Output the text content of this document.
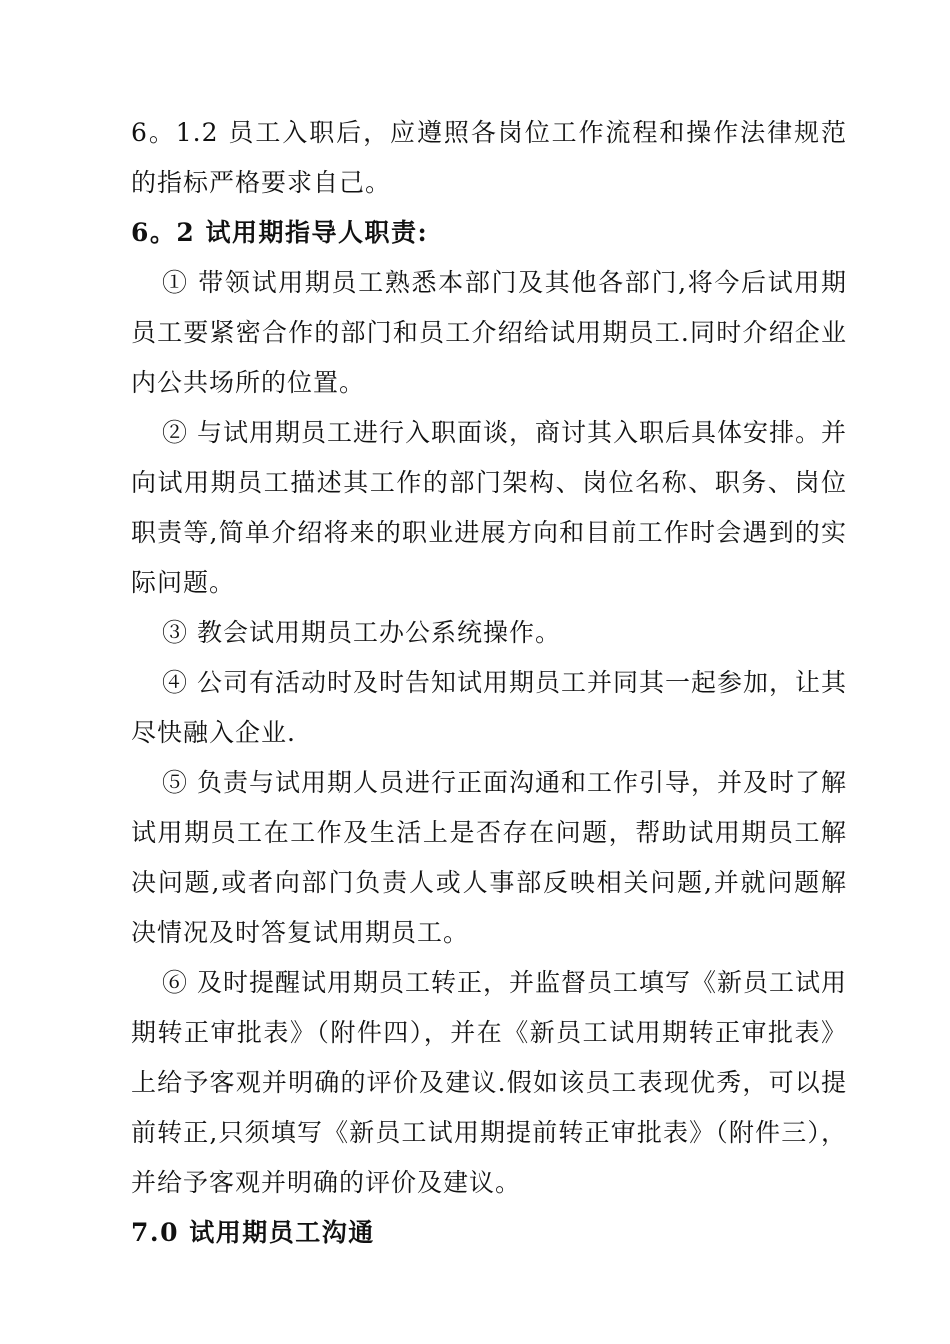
6。1.2 员工入职后，应遵照各岗位工作流程和操作法律规范的指标严格要求自己。

6。2 试用期指导人职责:

① 带领试用期员工熟悉本部门及其他各部门,将今后试用期员工要紧密合作的部门和员工介绍给试用期员工.同时介绍企业内公共场所的位置。

② 与试用期员工进行入职面谈，商讨其入职后具体安排。并向试用期员工描述其工作的部门架构、岗位名称、职务、岗位职责等,简单介绍将来的职业进展方向和目前工作时会遇到的实际问题。

③ 教会试用期员工办公系统操作。

④ 公司有活动时及时告知试用期员工并同其一起参加，让其尽快融入企业.

⑤ 负责与试用期人员进行正面沟通和工作引导，并及时了解试用期员工在工作及生活上是否存在问题，帮助试用期员工解决问题,或者向部门负责人或人事部反映相关问题,并就问题解决情况及时答复试用期员工。

⑥ 及时提醒试用期员工转正，并监督员工填写《新员工试用期转正审批表》（附件四），并在《新员工试用期转正审批表》上给予客观并明确的评价及建议.假如该员工表现优秀，可以提前转正,只须填写《新员工试用期提前转正审批表》（附件三），并给予客观并明确的评价及建议。

7.0 试用期员工沟通
